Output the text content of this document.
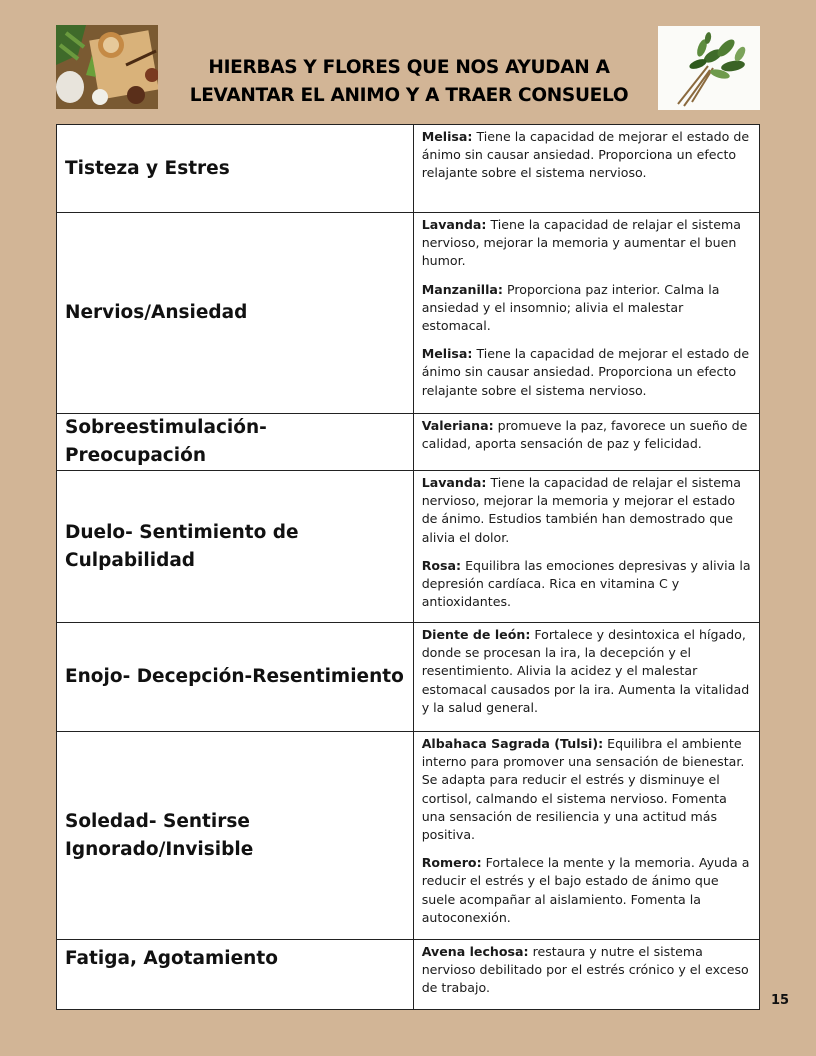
HIERBAS Y FLORES QUE NOS AYUDAN A
LEVANTAR EL ANIMO Y A TRAER CONSUELO
Tisteza y Estres	Melisa: Tiene la capacidad de mejorar el estado de ánimo sin causar ansiedad. Proporciona un efecto relajante sobre el sistema nervioso.

Nervios/Ansiedad	Lavanda: Tiene la capacidad de relajar el sistema nervioso, mejorar la memoria y aumentar el buen humor.

Manzanilla: Proporciona paz interior. Calma la ansiedad y el insomnio; alivia el malestar estomacal.

Melisa: Tiene la capacidad de mejorar el estado de ánimo sin causar ansiedad. Proporciona un efecto relajante sobre el sistema nervioso.

Sobreestimulación-Preocupación	Valeriana: promueve la paz, favorece un sueño de calidad, aporta sensación de paz y felicidad.

Duelo- Sentimiento de Culpabilidad	Lavanda: Tiene la capacidad de relajar el sistema nervioso, mejorar la memoria y mejorar el estado de ánimo. Estudios también han demostrado que alivia el dolor.

Rosa: Equilibra las emociones depresivas y alivia la depresión cardíaca. Rica en vitamina C y antioxidantes.

Enojo- Decepción-Resentimiento	Diente de león: Fortalece y desintoxica el hígado, donde se procesan la ira, la decepción y el resentimiento. Alivia la acidez y el malestar estomacal causados por la ira. Aumenta la vitalidad y la salud general.

Soledad- Sentirse Ignorado/Invisible	Albahaca Sagrada (Tulsi): Equilibra el ambiente interno para promover una sensación de bienestar. Se adapta para reducir el estrés y disminuye el cortisol, calmando el sistema nervioso. Fomenta una sensación de resiliencia y una actitud más positiva.

Romero: Fortalece la mente y la memoria. Ayuda a reducir el estrés y el bajo estado de ánimo que suele acompañar al aislamiento. Fomenta la autoconexión.

Fatiga, Agotamiento	Avena lechosa: restaura y nutre el sistema nervioso debilitado por el estrés crónico y el exceso de trabajo.

15
